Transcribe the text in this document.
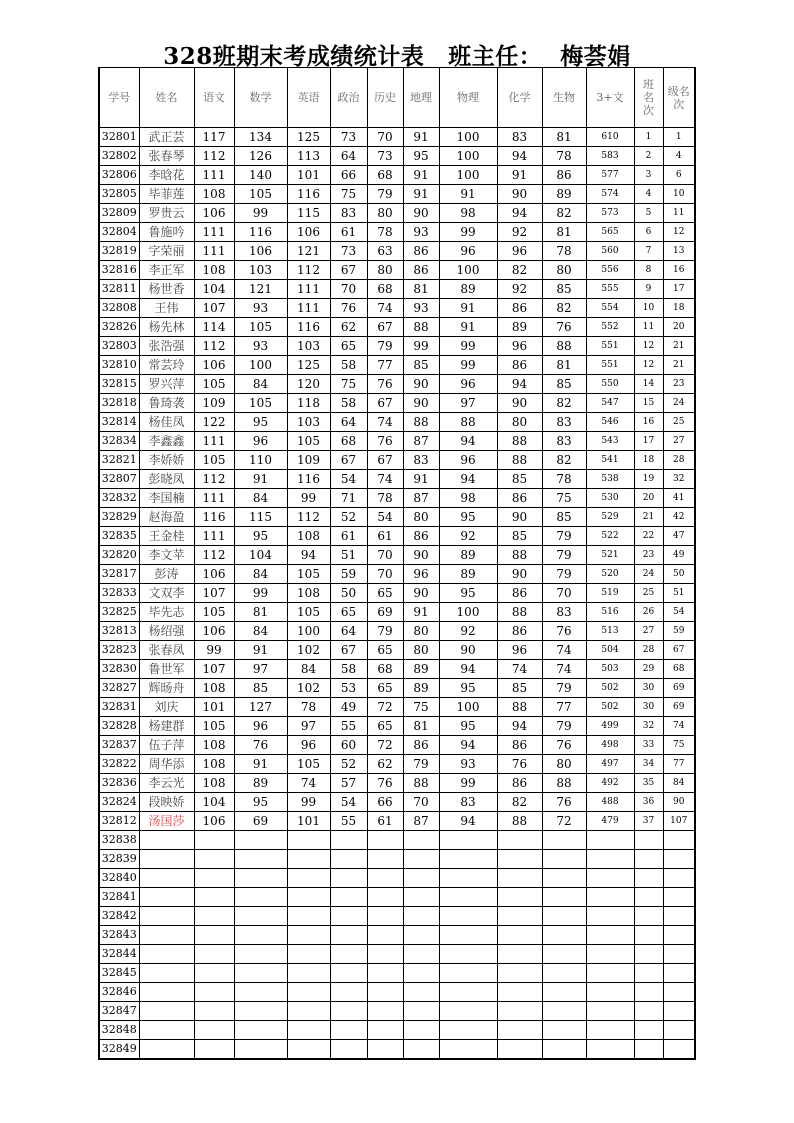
328班期末考成绩统计表 班主任： 梅荟娟
学号	姓名	语文	数学	英语	政治	历史	地理	物理	化学	生物	3+文	班名次	级名次
32801	武正芸	117	134	125	73	70	91	100	83	81	610	1	1
32802	张春琴	112	126	113	64	73	95	100	94	78	583	2	4
32806	李晗花	111	140	101	66	68	91	100	91	86	577	3	6
32805	毕菲莲	108	105	116	75	79	91	91	90	89	574	4	10
32809	罗贵云	106	99	115	83	80	90	98	94	82	573	5	11
32804	鲁施吟	111	116	106	61	78	93	99	92	81	565	6	12
32819	字荣丽	111	106	121	73	63	86	96	96	78	560	7	13
32816	李正军	108	103	112	67	80	86	100	82	80	556	8	16
32811	杨世香	104	121	111	70	68	81	89	92	85	555	9	17
32808	王伟	107	93	111	76	74	93	91	86	82	554	10	18
32826	杨先林	114	105	116	62	67	88	91	89	76	552	11	20
32803	张浩强	112	93	103	65	79	99	99	96	88	551	12	21
32810	常芸玲	106	100	125	58	77	85	99	86	81	551	12	21
32815	罗兴萍	105	84	120	75	76	90	96	94	85	550	14	23
32818	鲁琦袭	109	105	118	58	67	90	97	90	82	547	15	24
32814	杨佳凤	122	95	103	64	74	88	88	80	83	546	16	25
32834	李鑫鑫	111	96	105	68	76	87	94	88	83	543	17	27
32821	李娇娇	105	110	109	67	67	83	96	88	82	541	18	28
32807	彭晓凤	112	91	116	54	74	91	94	85	78	538	19	32
32832	李国楠	111	84	99	71	78	87	98	86	75	530	20	41
32829	赵海盈	116	115	112	52	54	80	95	90	85	529	21	42
32835	王金桂	111	95	108	61	61	86	92	85	79	522	22	47
32820	李文苹	112	104	94	51	70	90	89	88	79	521	23	49
32817	彭涛	106	84	105	59	70	96	89	90	79	520	24	50
32833	文双李	107	99	108	50	65	90	95	86	70	519	25	51
32825	毕先志	105	81	105	65	69	91	100	88	83	516	26	54
32813	杨绍强	106	84	100	64	79	80	92	86	76	513	27	59
32823	张春凤	99	91	102	67	65	80	90	96	74	504	28	67
32830	鲁世军	107	97	84	58	68	89	94	74	74	503	29	68
32827	辉旸舟	108	85	102	53	65	89	95	85	79	502	30	69
32831	刘庆	101	127	78	49	72	75	100	88	77	502	30	69
32828	杨建群	105	96	97	55	65	81	95	94	79	499	32	74
32837	伍子萍	108	76	96	60	72	86	94	86	76	498	33	75
32822	周华添	108	91	105	52	62	79	93	76	80	497	34	77
32836	李云光	108	89	74	57	76	88	99	86	88	492	35	84
32824	段映娇	104	95	99	54	66	70	83	82	76	488	36	90
32812	汤国莎	106	69	101	55	61	87	94	88	72	479	37	107
32838													
32839													
32840													
32841													
32842													
32843													
32844													
32845													
32846													
32847													
32848													
32849													
